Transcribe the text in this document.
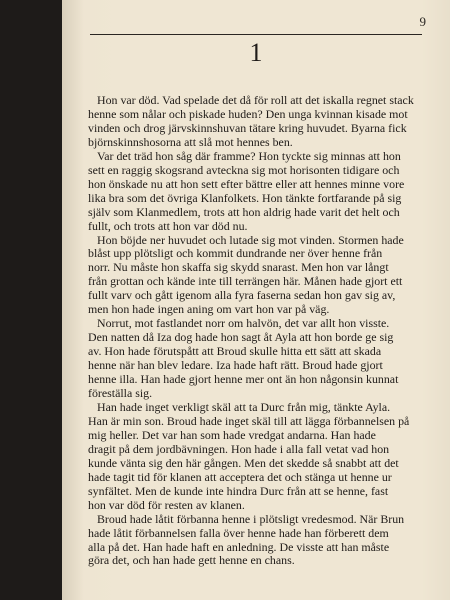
9
1

Hon var död. Vad spelade det då för roll att det iskalla regnet stack
henne som nålar och piskade huden? Den unga kvinnan kisade mot
vinden och drog järvskinnshuvan tätare kring huvudet. Byarna fick
björnskinnshosorna att slå mot hennes ben.

Var det träd hon såg där framme? Hon tyckte sig minnas att hon
sett en raggig skogsrand avteckna sig mot horisonten tidigare och
hon önskade nu att hon sett efter bättre eller att hennes minne vore
lika bra som det övriga Klanfolkets. Hon tänkte fortfarande på sig
själv som Klanmedlem, trots att hon aldrig hade varit det helt och
fullt, och trots att hon var död nu.

Hon böjde ner huvudet och lutade sig mot vinden. Stormen hade
blåst upp plötsligt och kommit dundrande ner över henne från
norr. Nu måste hon skaffa sig skydd snarast. Men hon var långt
från grottan och kände inte till terrängen här. Månen hade gjort ett
fullt varv och gått igenom alla fyra faserna sedan hon gav sig av,
men hon hade ingen aning om vart hon var på väg.

Norrut, mot fastlandet norr om halvön, det var allt hon visste.
Den natten då Iza dog hade hon sagt åt Ayla att hon borde ge sig
av. Hon hade förutspått att Broud skulle hitta ett sätt att skada
henne när han blev ledare. Iza hade haft rätt. Broud hade gjort
henne illa. Han hade gjort henne mer ont än hon någonsin kunnat
föreställa sig.

Han hade inget verkligt skäl att ta Durc från mig, tänkte Ayla.
Han är min son. Broud hade inget skäl till att lägga förbannelsen på
mig heller. Det var han som hade vredgat andarna. Han hade
dragit på dem jordbävningen. Hon hade i alla fall vetat vad hon
kunde vänta sig den här gången. Men det skedde så snabbt att det
hade tagit tid för klanen att acceptera det och stänga ut henne ur
synfältet. Men de kunde inte hindra Durc från att se henne, fast
hon var död för resten av klanen.

Broud hade låtit förbanna henne i plötsligt vredesmod. När Brun
hade låtit förbannelsen falla över henne hade han förberett dem
alla på det. Han hade haft en anledning. De visste att han måste
göra det, och han hade gett henne en chans.
